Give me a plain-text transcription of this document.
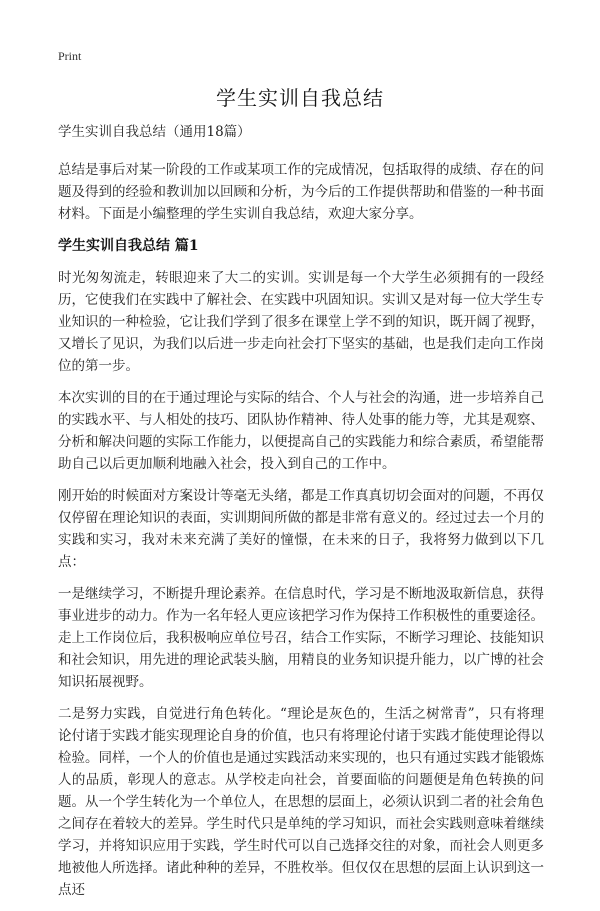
Print
学生实训自我总结

学生实训自我总结（通用18篇）

总结是事后对某一阶段的工作或某项工作的完成情况，包括取得的成绩、存在的问题及得到的经验和教训加以回顾和分析，为今后的工作提供帮助和借鉴的一种书面材料。下面是小编整理的学生实训自我总结，欢迎大家分享。

学生实训自我总结 篇1

时光匆匆流走，转眼迎来了大二的实训。实训是每一个大学生必须拥有的一段经历，它使我们在实践中了解社会、在实践中巩固知识。实训又是对每一位大学生专业知识的一种检验，它让我们学到了很多在课堂上学不到的知识，既开阔了视野，又增长了见识，为我们以后进一步走向社会打下坚实的基础，也是我们走向工作岗位的第一步。

本次实训的目的在于通过理论与实际的结合、个人与社会的沟通，进一步培养自己的实践水平、与人相处的技巧、团队协作精神、待人处事的能力等，尤其是观察、分析和解决问题的实际工作能力，以便提高自己的实践能力和综合素质，希望能帮助自己以后更加顺利地融入社会，投入到自己的工作中。

刚开始的时候面对方案设计等毫无头绪，都是工作真真切切会面对的问题，不再仅仅停留在理论知识的表面，实训期间所做的都是非常有意义的。经过过去一个月的实践和实习，我对未来充满了美好的憧憬，在未来的日子，我将努力做到以下几点：

一是继续学习，不断提升理论素养。在信息时代，学习是不断地汲取新信息，获得事业进步的动力。作为一名年轻人更应该把学习作为保持工作积极性的重要途径。走上工作岗位后，我积极响应单位号召，结合工作实际，不断学习理论、技能知识和社会知识，用先进的理论武装头脑，用精良的业务知识提升能力，以广博的社会知识拓展视野。

二是努力实践，自觉进行角色转化。“理论是灰色的，生活之树常青”，只有将理论付诸于实践才能实现理论自身的价值，也只有将理论付诸于实践才能使理论得以检验。同样，一个人的价值也是通过实践活动来实现的，也只有通过实践才能锻炼人的品质，彰现人的意志。从学校走向社会，首要面临的问题便是角色转换的问题。从一个学生转化为一个单位人，在思想的层面上，必须认识到二者的社会角色之间存在着较大的差异。学生时代只是单纯的学习知识，而社会实践则意味着继续学习，并将知识应用于实践，学生时代可以自己选择交往的对象，而社会人则更多地被他人所选择。诸此种种的差异，不胜枚举。但仅仅在思想的层面上认识到这一点还
